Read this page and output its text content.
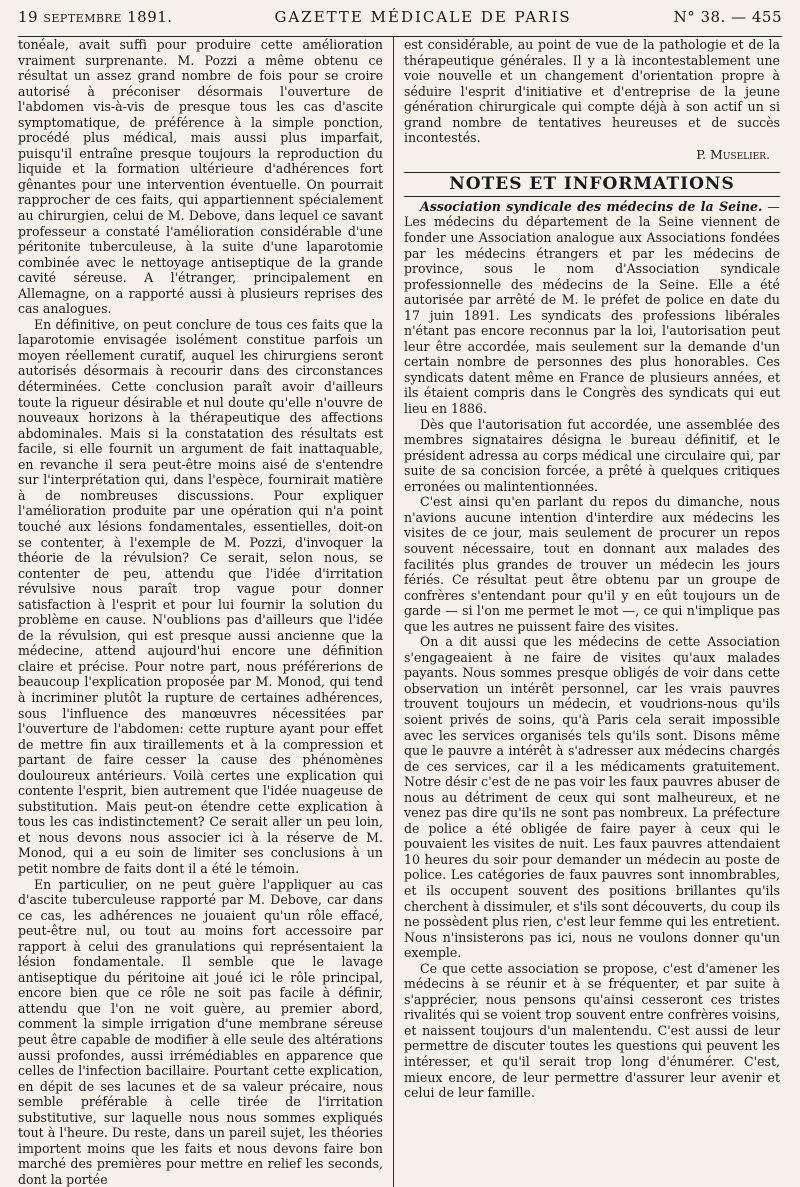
19 septembre 1891.	GAZETTE MÉDICALE DE PARIS	N° 38. — 455

tonéale, avait suffi pour produire cette amélioration vraiment surprenante. M. Pozzi a même obtenu ce résultat un assez grand nombre de fois pour se croire autorisé à préconiser désormais l'ouverture de l'abdomen vis-à-vis de presque tous les cas d'ascite symptomatique, de préférence à la simple ponction, procédé plus médical, mais aussi plus imparfait, puisqu'il entraîne presque toujours la reproduction du liquide et la formation ultérieure d'adhérences fort gênantes pour une intervention éventuelle. On pourrait rapprocher de ces faits, qui appartiennent spécialement au chirurgien, celui de M. Debove, dans lequel ce savant professeur a constaté l'amélioration considérable d'une péritonite tuberculeuse, à la suite d'une laparotomie combinée avec le nettoyage antiseptique de la grande cavité séreuse. A l'étranger, principalement en Allemagne, on a rapporté aussi à plusieurs reprises des cas analogues.

En définitive, on peut conclure de tous ces faits que la laparotomie envisagée isolément constitue parfois un moyen réellement curatif, auquel les chirurgiens seront autorisés désormais à recourir dans des circonstances déterminées. Cette conclusion paraît avoir d'ailleurs toute la rigueur désirable et nul doute qu'elle n'ouvre de nouveaux horizons à la thérapeutique des affections abdominales. Mais si la constatation des résultats est facile, si elle fournit un argument de fait inattaquable, en revanche il sera peut-être moins aisé de s'entendre sur l'interprétation qui, dans l'espèce, fournirait matière à de nombreuses discussions. Pour expliquer l'amélioration produite par une opération qui n'a point touché aux lésions fondamentales, essentielles, doit-on se contenter, à l'exemple de M. Pozzi, d'invoquer la théorie de la révulsion? Ce serait, selon nous, se contenter de peu, attendu que l'idée d'irritation révulsive nous paraît trop vague pour donner satisfaction à l'esprit et pour lui fournir la solution du problème en cause. N'oublions pas d'ailleurs que l'idée de la révulsion, qui est presque aussi ancienne que la médecine, attend aujourd'hui encore une définition claire et précise. Pour notre part, nous préférerions de beaucoup l'explication proposée par M. Monod, qui tend à incriminer plutôt la rupture de certaines adhérences, sous l'influence des manœuvres nécessitées par l'ouverture de l'abdomen: cette rupture ayant pour effet de mettre fin aux tiraillements et à la compression et partant de faire cesser la cause des phénomènes douloureux antérieurs. Voilà certes une explication qui contente l'esprit, bien autrement que l'idée nuageuse de substitution. Mais peut-on étendre cette explication à tous les cas indistinctement? Ce serait aller un peu loin, et nous devons nous associer ici à la réserve de M. Monod, qui a eu soin de limiter ses conclusions à un petit nombre de faits dont il a été le témoin.

En particulier, on ne peut guère l'appliquer au cas d'ascite tuberculeuse rapporté par M. Debove, car dans ce cas, les adhérences ne jouaient qu'un rôle effacé, peut-être nul, ou tout au moins fort accessoire par rapport à celui des granulations qui représentaient la lésion fondamentale. Il semble que le lavage antiseptique du péritoine ait joué ici le rôle principal, encore bien que ce rôle ne soit pas facile à définir, attendu que l'on ne voit guère, au premier abord, comment la simple irrigation d'une membrane séreuse peut être capable de modifier à elle seule des altérations aussi profondes, aussi irrémédiables en apparence que celles de l'infection bacillaire. Pourtant cette explication, en dépit de ses lacunes et de sa valeur précaire, nous semble préférable à celle tirée de l'irritation substitutive, sur laquelle nous nous sommes expliqués tout à l'heure. Du reste, dans un pareil sujet, les théories importent moins que les faits et nous devons faire bon marché des premières pour mettre en relief les seconds, dont la portée

est considérable, au point de vue de la pathologie et de la thérapeutique générales. Il y a là incontestablement une voie nouvelle et un changement d'orientation propre à séduire l'esprit d'initiative et d'entreprise de la jeune génération chirurgicale qui compte déjà à son actif un si grand nombre de tentatives heureuses et de succès incontestés.

P. Muselier.
NOTES ET INFORMATIONS

Association syndicale des médecins de la Seine. — Les médecins du département de la Seine viennent de fonder une Association analogue aux Associations fondées par les médecins étrangers et par les médecins de province, sous le nom d'Association syndicale professionnelle des médecins de la Seine. Elle a été autorisée par arrêté de M. le préfet de police en date du 17 juin 1891. Les syndicats des professions libérales n'étant pas encore reconnus par la loi, l'autorisation peut leur être accordée, mais seulement sur la demande d'un certain nombre de personnes des plus honorables. Ces syndicats datent même en France de plusieurs années, et ils étaient compris dans le Congrès des syndicats qui eut lieu en 1886.

Dès que l'autorisation fut accordée, une assemblée des membres signataires désigna le bureau définitif, et le président adressa au corps médical une circulaire qui, par suite de sa concision forcée, a prêté à quelques critiques erronées ou malintentionnées.

C'est ainsi qu'en parlant du repos du dimanche, nous n'avions aucune intention d'interdire aux médecins les visites de ce jour, mais seulement de procurer un repos souvent nécessaire, tout en donnant aux malades des facilités plus grandes de trouver un médecin les jours fériés. Ce résultat peut être obtenu par un groupe de confrères s'entendant pour qu'il y en eût toujours un de garde — si l'on me permet le mot —, ce qui n'implique pas que les autres ne puissent faire des visites.

On a dit aussi que les médecins de cette Association s'engageaient à ne faire de visites qu'aux malades payants. Nous sommes presque obligés de voir dans cette observation un intérêt personnel, car les vrais pauvres trouvent toujours un médecin, et voudrions-nous qu'ils soient privés de soins, qu'à Paris cela serait impossible avec les services organisés tels qu'ils sont. Disons même que le pauvre a intérêt à s'adresser aux médecins chargés de ces services, car il a les médicaments gratuitement. Notre désir c'est de ne pas voir les faux pauvres abuser de nous au détriment de ceux qui sont malheureux, et ne venez pas dire qu'ils ne sont pas nombreux. La préfecture de police a été obligée de faire payer à ceux qui le pouvaient les visites de nuit. Les faux pauvres attendaient 10 heures du soir pour demander un médecin au poste de police. Les catégories de faux pauvres sont innombrables, et ils occupent souvent des positions brillantes qu'ils cherchent à dissimuler, et s'ils sont découverts, du coup ils ne possèdent plus rien, c'est leur femme qui les entretient. Nous n'insisterons pas ici, nous ne voulons donner qu'un exemple.

Ce que cette association se propose, c'est d'amener les médecins à se réunir et à se fréquenter, et par suite à s'apprécier, nous pensons qu'ainsi cesseront ces tristes rivalités qui se voient trop souvent entre confrères voisins, et naissent toujours d'un malentendu. C'est aussi de leur permettre de discuter toutes les questions qui peuvent les intéresser, et qu'il serait trop long d'énumérer. C'est, mieux encore, de leur permettre d'assurer leur avenir et celui de leur famille.
